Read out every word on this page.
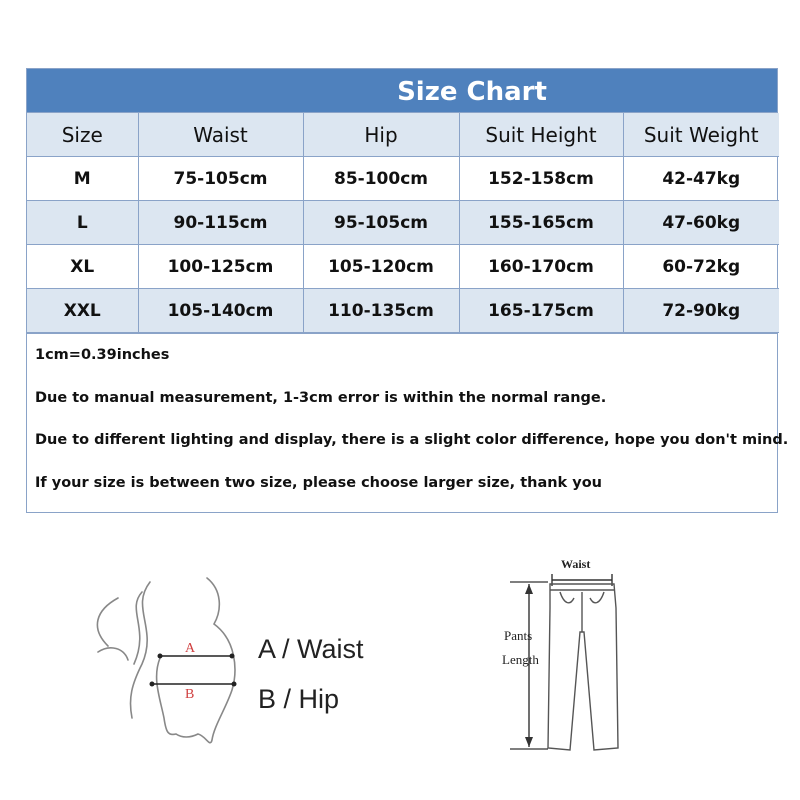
Size Chart
Size	Waist	Hip	Suit Height	Suit Weight
M	75-105cm	85-100cm	152-158cm	42-47kg
L	90-115cm	95-105cm	155-165cm	47-60kg
XL	100-125cm	105-120cm	160-170cm	60-72kg
XXL	105-140cm	110-135cm	165-175cm	72-90kg
1cm=0.39inches
Due to manual measurement, 1-3cm error is within the normal range.
Due to different lighting and display, there is a slight color difference, hope you don't mind.
If your size is between two size, please choose larger size, thank you
A
B
A / Waist
B / Hip
Waist
Pants
Length
